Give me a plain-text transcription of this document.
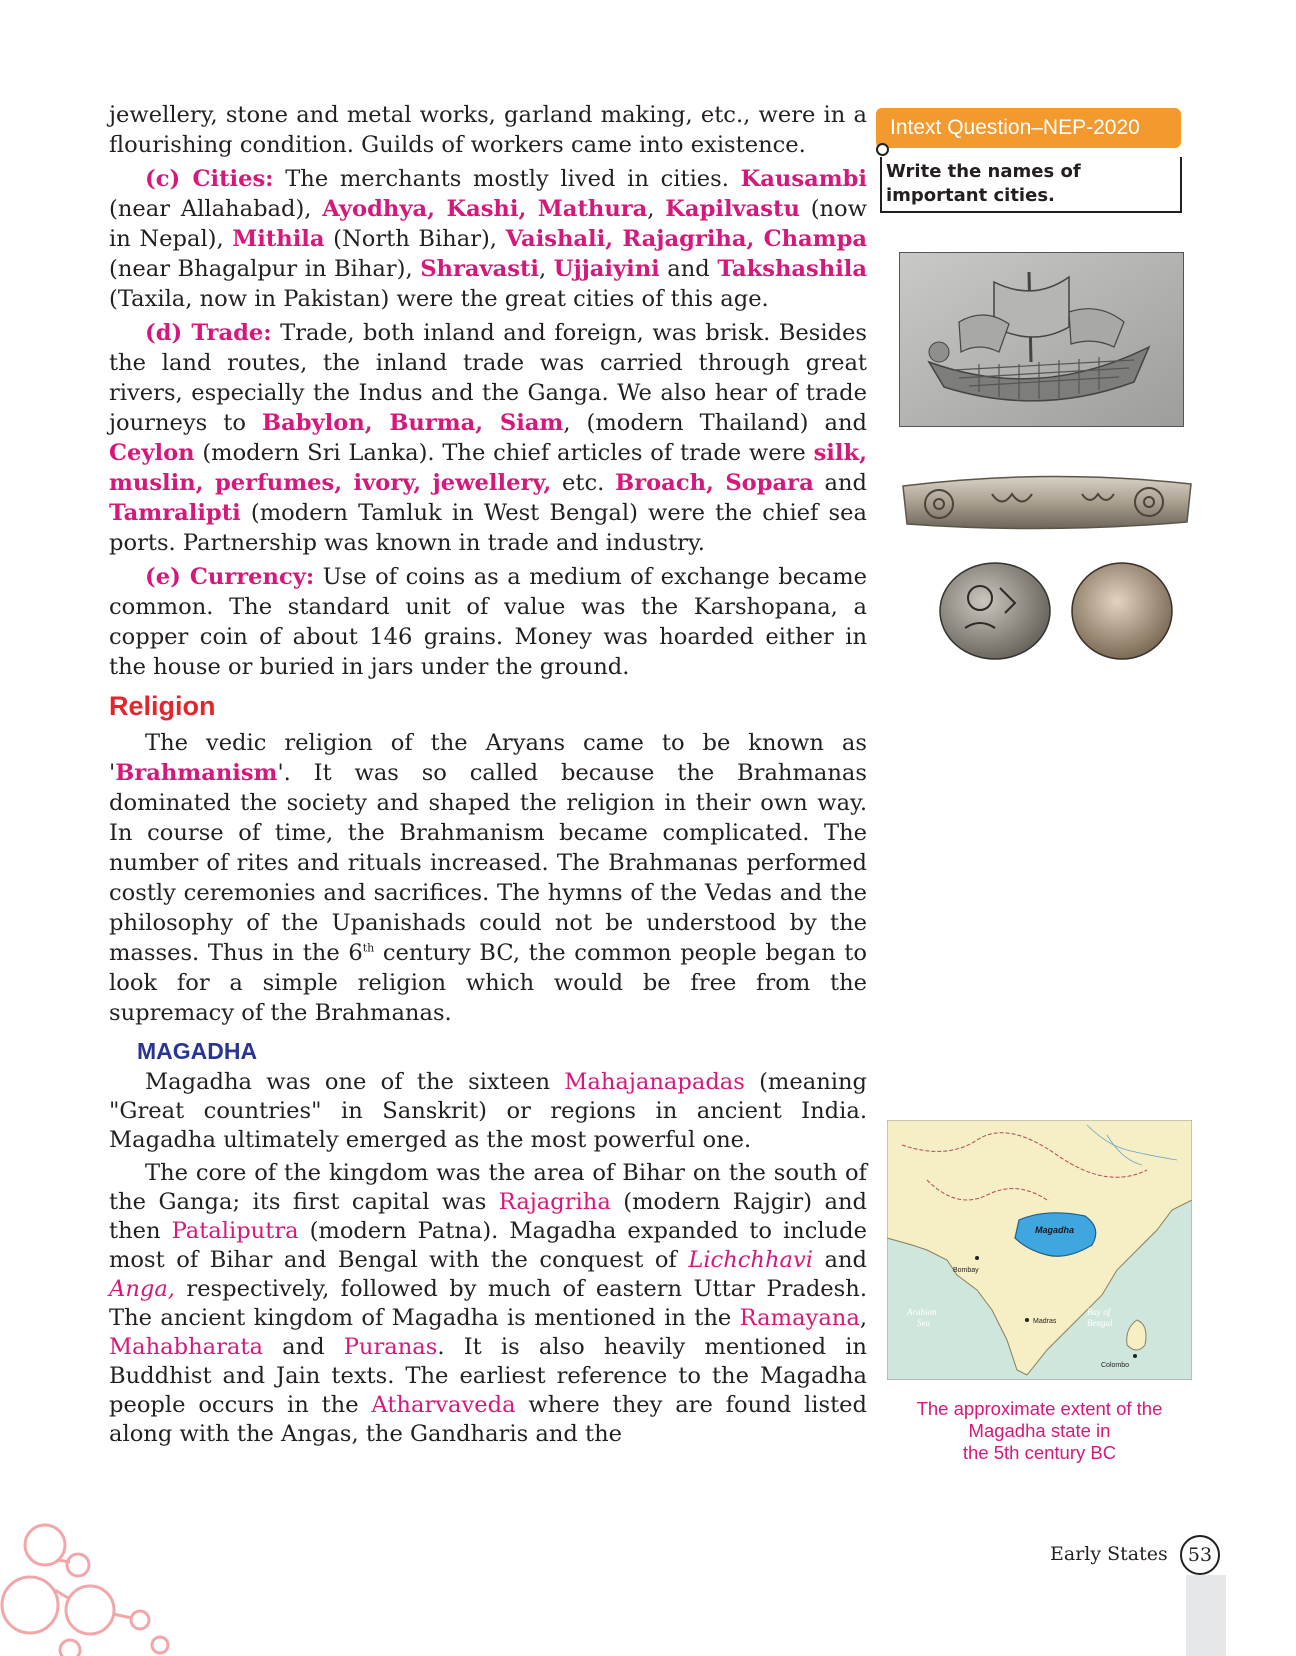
jewellery, stone and metal works, garland making, etc., were in a flourishing condition. Guilds of workers came into existence.

(c) Cities: The merchants mostly lived in cities. Kausambi (near Allahabad), Ayodhya, Kashi, Mathura, Kapilvastu (now in Nepal), Mithila (North Bihar), Vaishali, Rajagriha, Champa (near Bhagalpur in Bihar), Shravasti, Ujjaiyini and Takshashila (Taxila, now in Pakistan) were the great cities of this age.

(d) Trade: Trade, both inland and foreign, was brisk. Besides the land routes, the inland trade was carried through great rivers, especially the Indus and the Ganga. We also hear of trade journeys to Babylon, Burma, Siam, (modern Thailand) and Ceylon (modern Sri Lanka). The chief articles of trade were silk, muslin, perfumes, ivory, jewellery, etc. Broach, Sopara and Tamralipti (modern Tamluk in West Bengal) were the chief sea ports. Partnership was known in trade and industry.

(e) Currency: Use of coins as a medium of exchange became common. The standard unit of value was the Karshopana, a copper coin of about 146 grains. Money was hoarded either in the house or buried in jars under the ground.

Religion

The vedic religion of the Aryans came to be known as 'Brahmanism'. It was so called because the Brahmanas dominated the society and shaped the religion in their own way. In course of time, the Brahmanism became complicated. The number of rites and rituals increased. The Brahmanas performed costly ceremonies and sacrifices. The hymns of the Vedas and the philosophy of the Upanishads could not be understood by the masses. Thus in the 6th century BC, the common people began to look for a simple religion which would be free from the supremacy of the Brahmanas.

MAGADHA

Magadha was one of the sixteen Mahajanapadas (meaning "Great countries" in Sanskrit) or regions in ancient India. Magadha ultimately emerged as the most powerful one.

The core of the kingdom was the area of Bihar on the south of the Ganga; its first capital was Rajagriha (modern Rajgir) and then Pataliputra (modern Patna). Magadha expanded to include most of Bihar and Bengal with the conquest of Lichchhavi and Anga, respectively, followed by much of eastern Uttar Pradesh. The ancient kingdom of Magadha is mentioned in the Ramayana, Mahabharata and Puranas. It is also heavily mentioned in Buddhist and Jain texts. The earliest reference to the Magadha people occurs in the Atharvaveda where they are found listed along with the Angas, the Gandharis and the

Intext Question–NEP-2020
Write the names of important cities.
Magadha
Bombay
Madras
Colombo
Arabian
Sea
Bay of
Bengal
The approximate extent of the
Magadha state in
the 5th century BC
Early States	53
